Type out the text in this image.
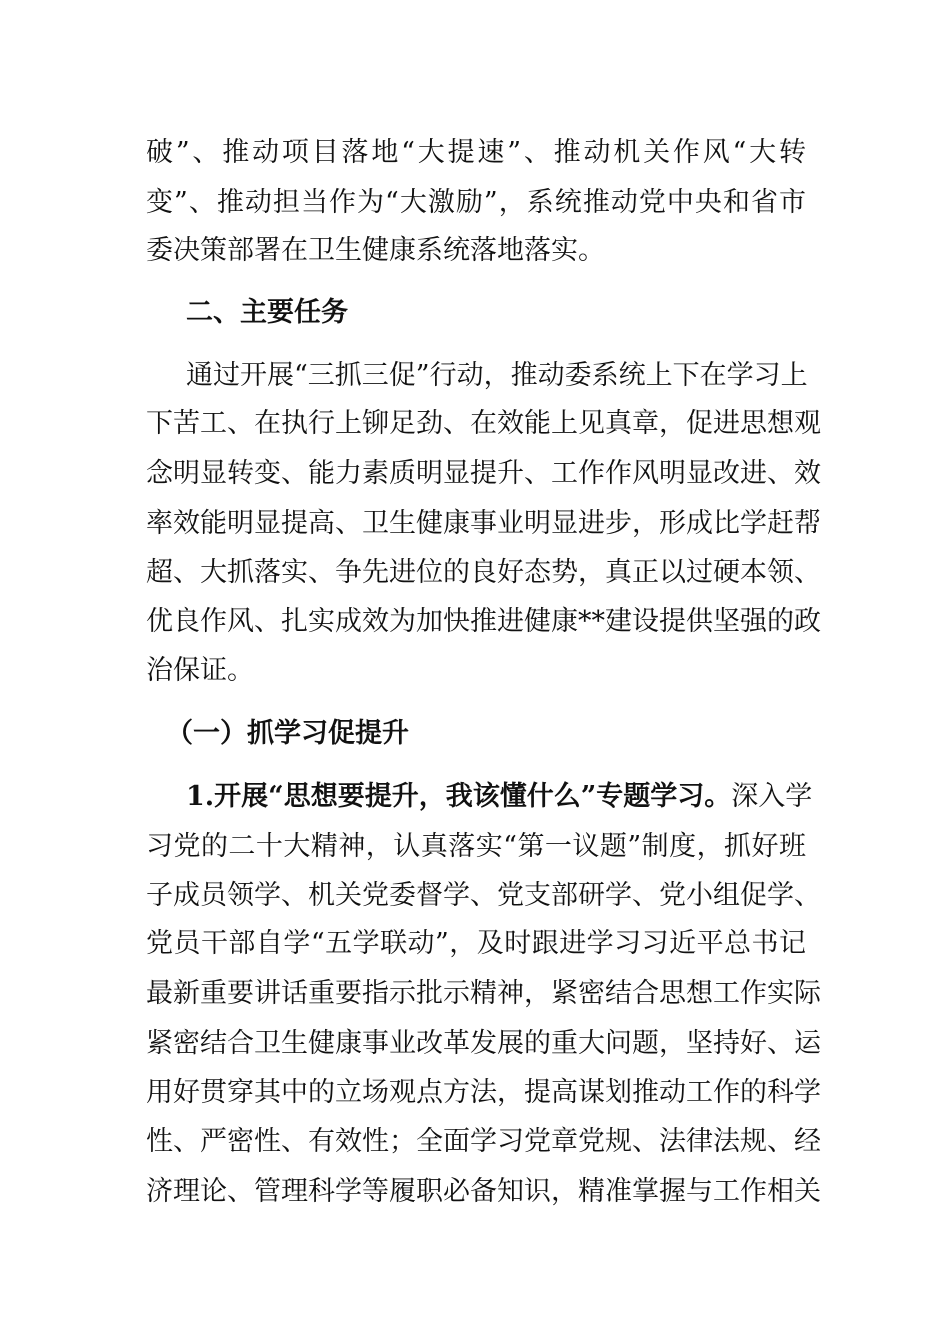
破”、推动项目落地“大提速”、推动机关作风“大转
变”、推动担当作为“大激励”，系统推动党中央和省市
委决策部署在卫生健康系统落地落实。
二、主要任务
通过开展“三抓三促”行动，推动委系统上下在学习上
下苦工、在执行上铆足劲、在效能上见真章，促进思想观
念明显转变、能力素质明显提升、工作作风明显改进、效
率效能明显提高、卫生健康事业明显进步，形成比学赶帮
超、大抓落实、争先进位的良好态势，真正以过硬本领、
优良作风、扎实成效为加快推进健康**建设提供坚强的政
治保证。
（一）抓学习促提升
1.开展“思想要提升，我该懂什么”专题学习。深入学
习党的二十大精神，认真落实“第一议题”制度，抓好班
子成员领学、机关党委督学、党支部研学、党小组促学、
党员干部自学“五学联动”，及时跟进学习习近平总书记
最新重要讲话重要指示批示精神，紧密结合思想工作实际
紧密结合卫生健康事业改革发展的重大问题，坚持好、运
用好贯穿其中的立场观点方法，提高谋划推动工作的科学
性、严密性、有效性；全面学习党章党规、法律法规、经
济理论、管理科学等履职必备知识，精准掌握与工作相关
